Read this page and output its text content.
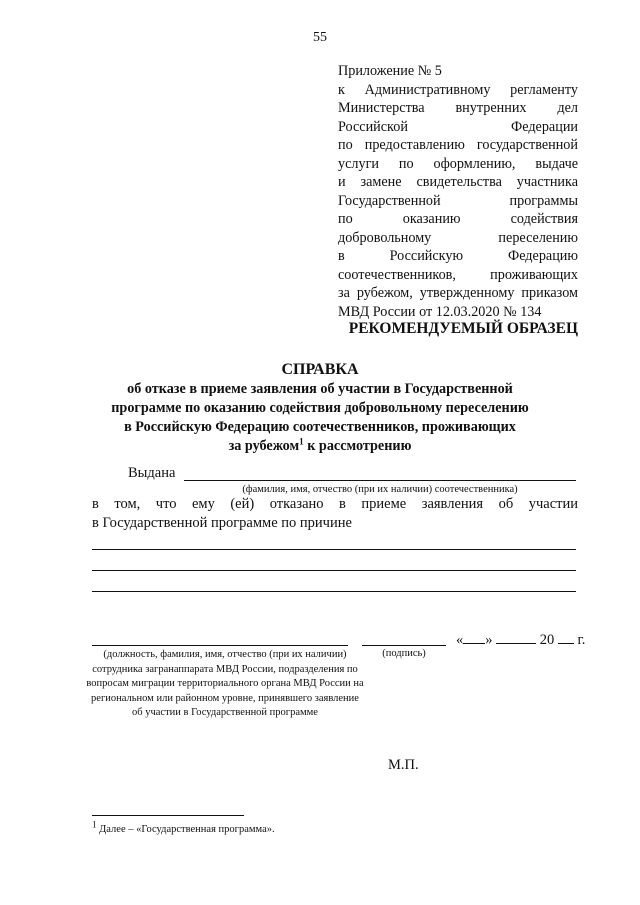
55
Приложение № 5
к Административному регламенту
Министерства внутренних дел
Российской Федерации
по предоставлению государственной
услуги по оформлению, выдаче
и замене свидетельства участника
Государственной программы
по оказанию содействия
добровольному переселению
в Российскую Федерацию
соотечественников, проживающих
за рубежом, утвержденному приказом
МВД России от 12.03.2020 № 134
РЕКОМЕНДУЕМЫЙ ОБРАЗЕЦ
СПРАВКА
об отказе в приеме заявления об участии в Государственной
программе по оказанию содействия добровольному переселению
в Российскую Федерацию соотечественников, проживающих
за рубежом$^1$ к рассмотрению
Выдана
(фамилия, имя, отчество (при их наличии) соотечественника)
в том, что ему (ей) отказано в приеме заявления об участии
в Государственной программе по причине
« »	20 г.
(должность, фамилия, имя, отчество (при их наличии) сотрудника загранаппарата МВД России, подразделения по вопросам миграции территориального органа МВД России на региональном или районном уровне, принявшего заявление об участии в Государственной программе
(подпись)
М.П.
$^1$ Далее – «Государственная программа».
